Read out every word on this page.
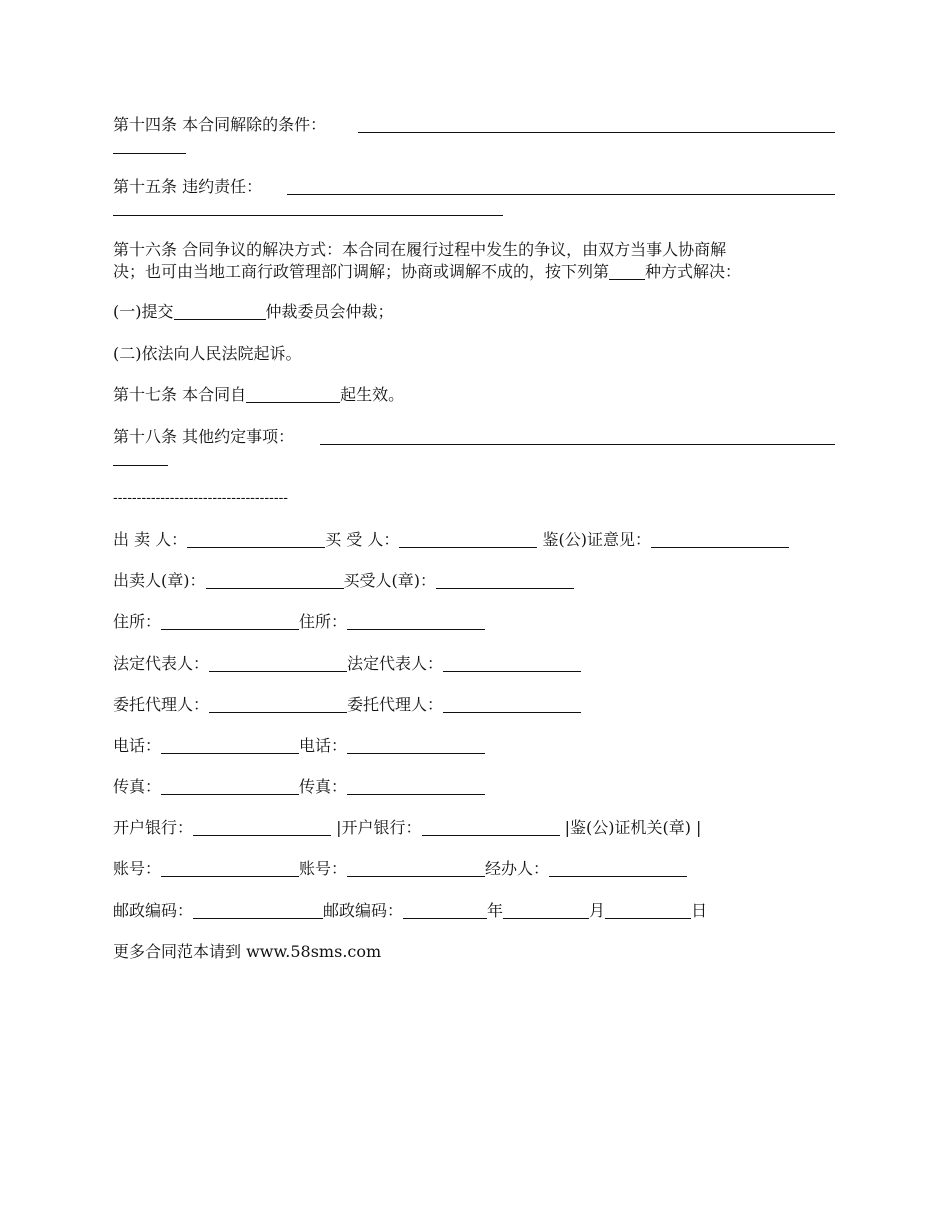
第十四条 本合同解除的条件：
第十五条 违约责任：
第十六条 合同争议的解决方式：本合同在履行过程中发生的争议，由双方当事人协商解
决；也可由当地工商行政管理部门调解；协商或调解不成的，按下列第 种方式解决：
(一)提交	仲裁委员会仲裁；
(二)依法向人民法院起诉。
第十七条 本合同自	起生效。
第十八条 其他约定事项：
-------------------------------------
出 卖 人：	买 受 人：	鉴(公)证意见：
出卖人(章)：	买受人(章)：
住所：	住所：
法定代表人：	法定代表人：
委托代理人：	委托代理人：
电话：	电话：
传真：	传真：
开户银行：	|开户银行：	|鉴(公)证机关(章) |
账号：	账号：	经办人：
邮政编码：	邮政编码：	年	月	日
更多合同范本请到 www.58sms.com
